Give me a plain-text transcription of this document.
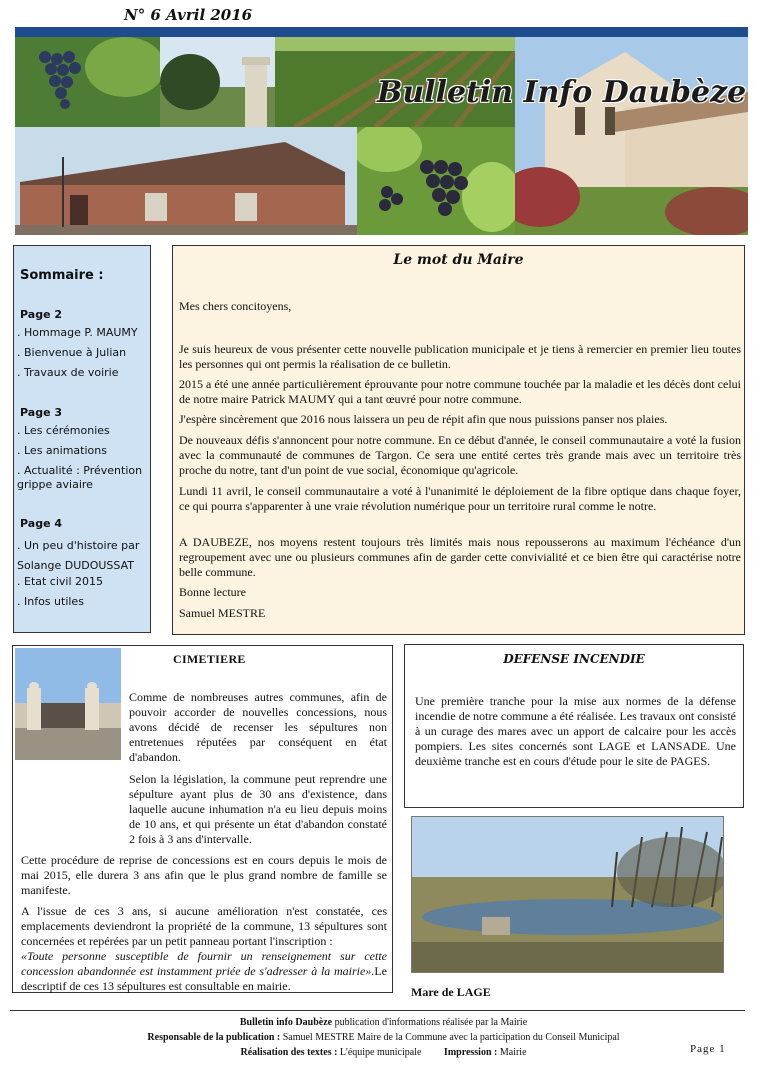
N° 6 Avril 2016
Bulletin Info Daubèze
Sommaire :
Page 2
. Hommage P. MAUMY
. Bienvenue à Julian
. Travaux de voirie
Page 3
. Les cérémonies
. Les animations
. Actualité : Prévention grippe aviaire
Page 4
. Un peu d'histoire par Solange DUDOUSSAT
. Etat civil 2015
. Infos utiles
Le mot du Maire

Mes chers concitoyens,

Je suis heureux de vous présenter cette nouvelle publication municipale et je tiens à remercier en premier lieu toutes les personnes qui ont permis la réalisation de ce bulletin.

2015 a été une année particulièrement éprouvante pour notre commune touchée par la maladie et les décès dont celui de notre maire Patrick MAUMY qui a tant œuvré pour notre commune.

J'espère sincèrement que 2016 nous laissera un peu de répit afin que nous puissions panser nos plaies.

De nouveaux défis s'annoncent pour notre commune. En ce début d'année, le conseil communautaire a voté la fusion avec la communauté de communes de Targon. Ce sera une entité certes très grande mais avec un territoire très proche du notre, tant d'un point de vue social, économique qu'agricole.

Lundi 11 avril, le conseil communautaire a voté à l'unanimité le déploiement de la fibre optique dans chaque foyer, ce qui pourra s'apparenter à une vraie révolution numérique pour un territoire rural comme le notre.

A DAUBEZE, nos moyens restent toujours très limités mais nous repousserons au maximum l'échéance d'un regroupement avec une ou plusieurs communes afin de garder cette convivialité et ce bien être qui caractérise notre belle commune.

Bonne lecture

Samuel MESTRE

CIMETIERE

Comme de nombreuses autres communes, afin de pouvoir accorder de nouvelles concessions, nous avons décidé de recenser les sépultures non entretenues réputées par conséquent en état d'abandon.

Selon la législation, la commune peut reprendre une sépulture ayant plus de 30 ans d'existence, dans laquelle aucune inhumation n'a eu lieu depuis moins de 10 ans, et qui présente un état d'abandon constaté 2 fois à 3 ans d'intervalle.

Cette procédure de reprise de concessions est en cours depuis le mois de mai 2015, elle durera 3 ans afin que le plus grand nombre de famille se manifeste.

A l'issue de ces 3 ans, si aucune amélioration n'est constatée, ces emplacements deviendront la propriété de la commune, 13 sépultures sont concernées et repérées par un petit panneau portant l'inscription :

«Toute personne susceptible de fournir un renseignement sur cette concession abandonnée est instamment priée de s'adresser à la mairie».Le descriptif de ces 13 sépultures est consultable en mairie.

DEFENSE INCENDIE

Une première tranche pour la mise aux normes de la défense incendie de notre commune a été réalisée. Les travaux ont consisté à un curage des mares avec un apport de calcaire pour les accès pompiers. Les sites concernés sont LAGE et LANSADE. Une deuxième tranche est en cours d'étude pour le site de PAGES.

Mare de LAGE
Bulletin info Daubèze publication d'informations réalisée par la Mairie
Responsable de la publication : Samuel MESTRE Maire de la Commune avec la participation du Conseil Municipal
Réalisation des textes : L'équipe municipale Impression : Mairie	Page 1
